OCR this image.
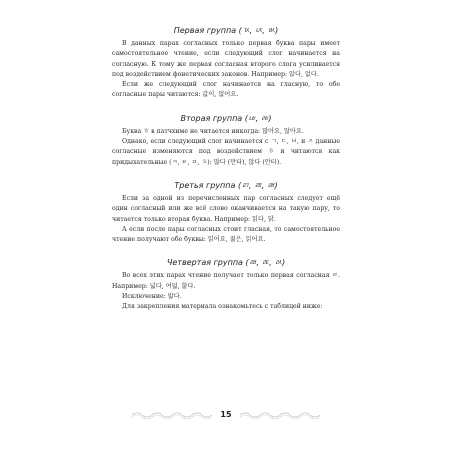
Первая группа (ㄳ, ㄵ, ㅄ)

В данных парах согласных только первая буква пары имеет самостоятельное чтение, если следующий слог начинается на согласную. К тому же первая согласная второго слога усиливается под воздействием фонетических законов. Например: 앉다, 없다.

Если же следующий слог начинается на гласную, то обе согласные пары читаются: 값이, 없어요.

Вторая группа (ㄶ, ㅀ)

Буква ㅎ в патчхиме не читается никогда: 많아요, 않아요.

Однако, если следующий слог начинается с ㄱ, ㄷ, ㅂ, и ㅈ данные согласные изменяются под воздействием ㅎ и читаются как придыхательные (ㅋ, ㅌ, ㅍ, ㅊ): 많다 (만타), 않다 (안타).

Третья группа (ㄺ, ㄻ, ㄼ)

Если за одной из перечисленных пар согласных следует ещё один согласный или же всё слово оканчивается на такую пару, то читается только вторая буква. Например: 읽다, 닭.

А если после пары согласных стоит гласная, то самостоятельное чтение получают обе буквы: 읽어요, 젊은, 읽어요.

Четвертая группа (ㄼ, ㄾ, ㄽ)

Во всех этих парах чтение получает только первая согласная ㄹ. Например: 넓다, 여덟, 핥다.

Исключение: 밟다.

Для закрепления материала ознакомьтесь с таблицей ниже:

15
